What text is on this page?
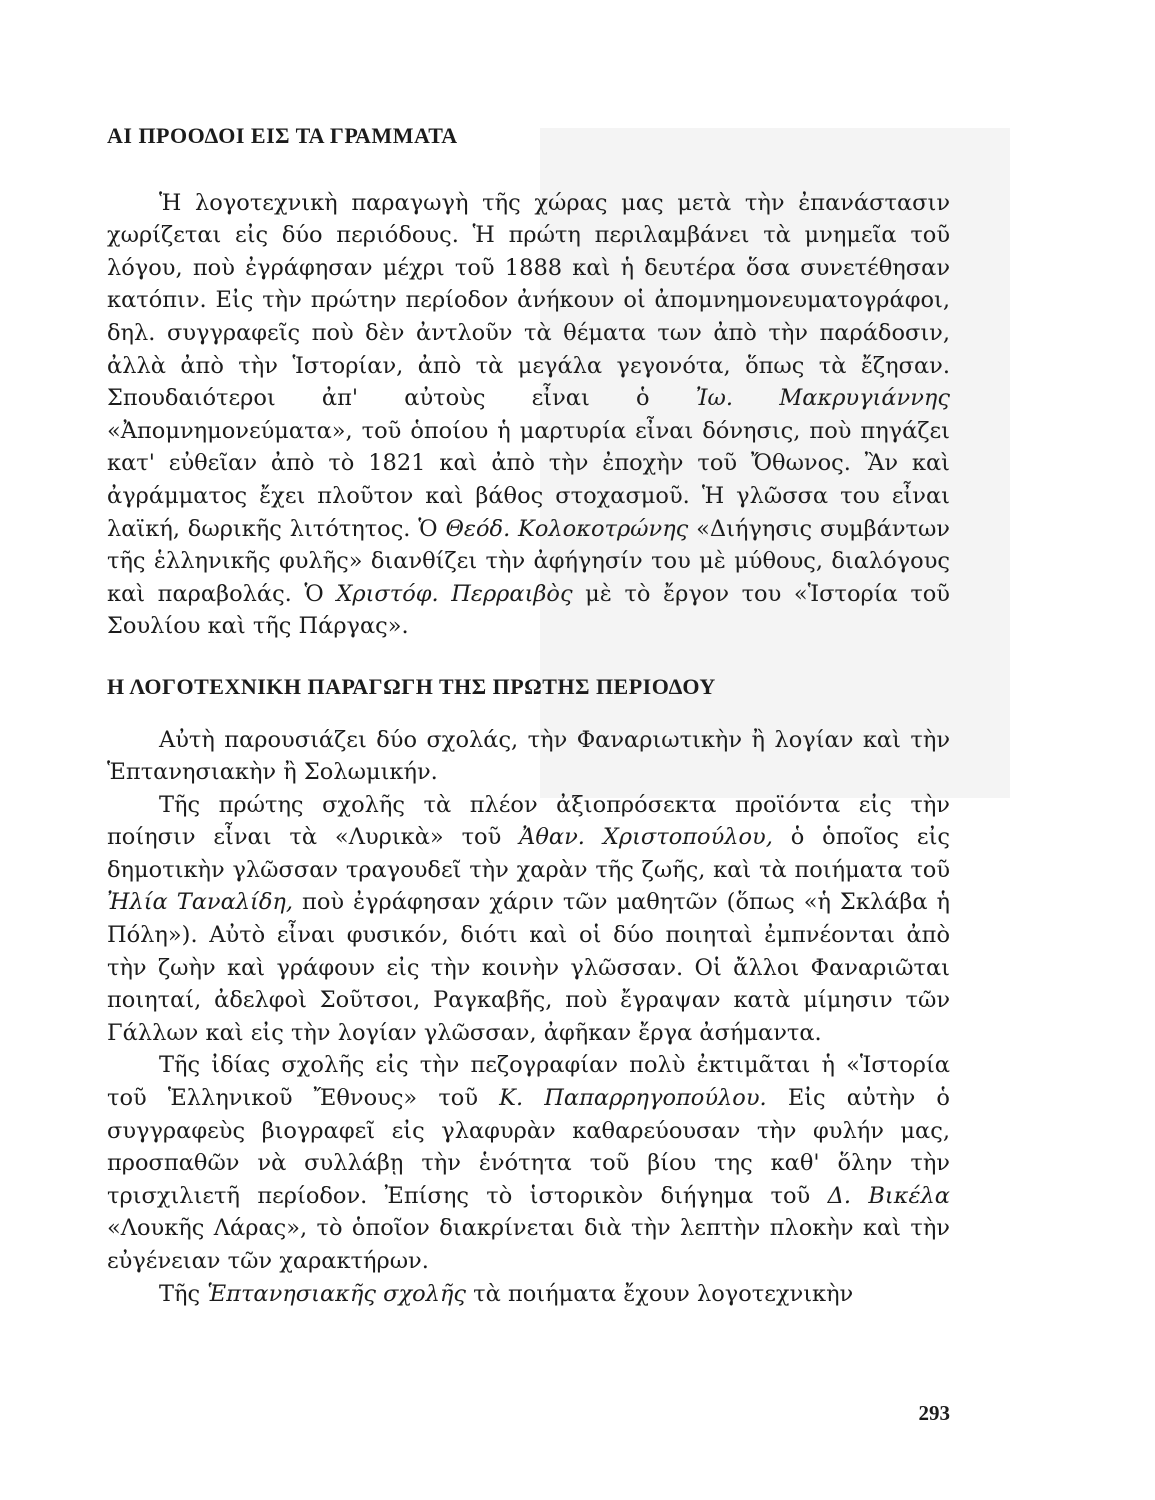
ΑΙ ΠΡΟΟΔΟΙ ΕΙΣ ΤΑ ΓΡΑΜΜΑΤΑ

Ἡ λογοτεχνικὴ παραγωγὴ τῆς χώρας μας μετὰ τὴν ἐπανάστασιν χωρίζεται εἰς δύο περιόδους. Ἡ πρώτη περιλαμβάνει τὰ μνημεῖα τοῦ λόγου, ποὺ ἐγράφησαν μέχρι τοῦ 1888 καὶ ἡ δευτέρα ὅσα συνετέθησαν κατόπιν. Εἰς τὴν πρώτην περίοδον ἀνήκουν οἱ ἀπομνημονευματογράφοι, δηλ. συγγραφεῖς ποὺ δὲν ἀντλοῦν τὰ θέματα των ἀπὸ τὴν παράδοσιν, ἀλλὰ ἀπὸ τὴν Ἱστορίαν, ἀπὸ τὰ μεγάλα γεγονότα, ὅπως τὰ ἔζησαν. Σπουδαιότεροι ἀπ' αὐτοὺς εἶναι ὁ Ἰω. Μακρυγιάννης «Ἀπομνημονεύματα», τοῦ ὁποίου ἡ μαρτυρία εἶναι δόνησις, ποὺ πηγάζει κατ' εὐθεῖαν ἀπὸ τὸ 1821 καὶ ἀπὸ τὴν ἐποχὴν τοῦ Ὄθωνος. Ἂν καὶ ἀγράμματος ἔχει πλοῦτον καὶ βάθος στοχασμοῦ. Ἡ γλῶσσα του εἶναι λαϊκή, δωρικῆς λιτότητος. Ὁ Θεόδ. Κολοκοτρώνης «Διήγησις συμβάντων τῆς ἑλληνικῆς φυλῆς» διανθίζει τὴν ἀφήγησίν του μὲ μύθους, διαλόγους καὶ παραβολάς. Ὁ Χριστόφ. Περραιβὸς μὲ τὸ ἔργον του «Ἱστορία τοῦ Σουλίου καὶ τῆς Πάργας».

Η ΛΟΓΟΤΕΧΝΙΚΗ ΠΑΡΑΓΩΓΗ ΤΗΣ ΠΡΩΤΗΣ ΠΕΡΙΟΔΟΥ

Αὐτὴ παρουσιάζει δύο σχολάς, τὴν Φαναριωτικὴν ἢ λογίαν καὶ τὴν Ἑπτανησιακὴν ἢ Σολωμικήν.

Τῆς πρώτης σχολῆς τὰ πλέον ἀξιοπρόσεκτα προϊόντα εἰς τὴν ποίησιν εἶναι τὰ «Λυρικὰ» τοῦ Ἀθαν. Χριστοπούλου, ὁ ὁποῖος εἰς δημοτικὴν γλῶσσαν τραγουδεῖ τὴν χαρὰν τῆς ζωῆς, καὶ τὰ ποιήματα τοῦ Ἠλία Ταναλίδη, ποὺ ἐγράφησαν χάριν τῶν μαθητῶν (ὅπως «ἡ Σκλάβα ἡ Πόλη»). Αὐτὸ εἶναι φυσικόν, διότι καὶ οἱ δύο ποιηταὶ ἐμπνέονται ἀπὸ τὴν ζωὴν καὶ γράφουν εἰς τὴν κοινὴν γλῶσσαν. Οἱ ἄλλοι Φαναριῶται ποιηταί, ἀδελφοὶ Σοῦτσοι, Ραγκαβῆς, ποὺ ἔγραψαν κατὰ μίμησιν τῶν Γάλλων καὶ εἰς τὴν λογίαν γλῶσσαν, ἀφῆκαν ἔργα ἀσήμαντα.

Τῆς ἰδίας σχολῆς εἰς τὴν πεζογραφίαν πολὺ ἐκτιμᾶται ἡ «Ἱστορία τοῦ Ἑλληνικοῦ Ἔθνους» τοῦ Κ. Παπαρρηγοπούλου. Εἰς αὐτὴν ὁ συγγραφεὺς βιογραφεῖ εἰς γλαφυρὰν καθαρεύουσαν τὴν φυλήν μας, προσπαθῶν νὰ συλλάβῃ τὴν ἑνότητα τοῦ βίου της καθ' ὅλην τὴν τρισχιλιετῆ περίοδον. Ἐπίσης τὸ ἱστορικὸν διήγημα τοῦ Δ. Βικέλα «Λουκῆς Λάρας», τὸ ὁποῖον διακρίνεται διὰ τὴν λεπτὴν πλοκὴν καὶ τὴν εὐγένειαν τῶν χαρακτήρων.

Τῆς Ἑπτανησιακῆς σχολῆς τὰ ποιήματα ἔχουν λογοτεχνικὴν

293
